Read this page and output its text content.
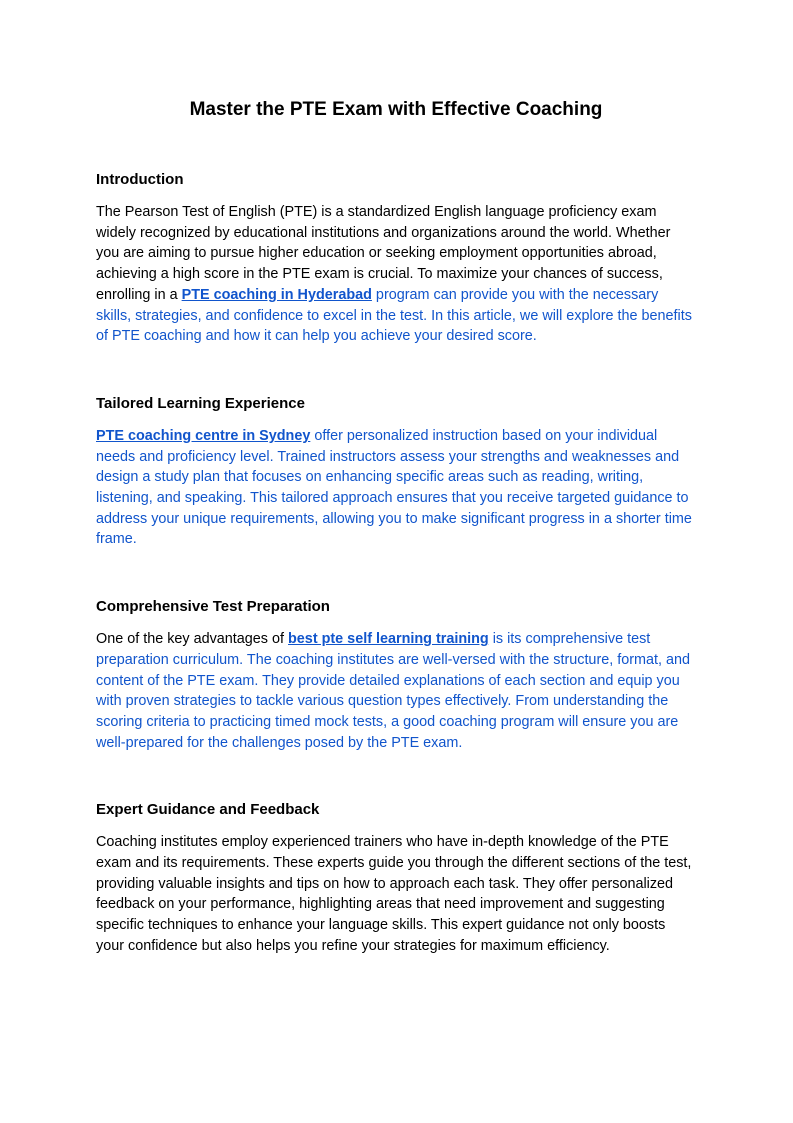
Master the PTE Exam with Effective Coaching
Introduction

The Pearson Test of English (PTE) is a standardized English language proficiency exam widely recognized by educational institutions and organizations around the world. Whether you are aiming to pursue higher education or seeking employment opportunities abroad, achieving a high score in the PTE exam is crucial. To maximize your chances of success, enrolling in a PTE coaching in Hyderabad program can provide you with the necessary skills, strategies, and confidence to excel in the test. In this article, we will explore the benefits of PTE coaching and how it can help you achieve your desired score.

Tailored Learning Experience

PTE coaching centre in Sydney offer personalized instruction based on your individual needs and proficiency level. Trained instructors assess your strengths and weaknesses and design a study plan that focuses on enhancing specific areas such as reading, writing, listening, and speaking. This tailored approach ensures that you receive targeted guidance to address your unique requirements, allowing you to make significant progress in a shorter time frame.

Comprehensive Test Preparation

One of the key advantages of best pte self learning training is its comprehensive test preparation curriculum. The coaching institutes are well-versed with the structure, format, and content of the PTE exam. They provide detailed explanations of each section and equip you with proven strategies to tackle various question types effectively. From understanding the scoring criteria to practicing timed mock tests, a good coaching program will ensure you are well-prepared for the challenges posed by the PTE exam.

Expert Guidance and Feedback

Coaching institutes employ experienced trainers who have in-depth knowledge of the PTE exam and its requirements. These experts guide you through the different sections of the test, providing valuable insights and tips on how to approach each task. They offer personalized feedback on your performance, highlighting areas that need improvement and suggesting specific techniques to enhance your language skills. This expert guidance not only boosts your confidence but also helps you refine your strategies for maximum efficiency.
